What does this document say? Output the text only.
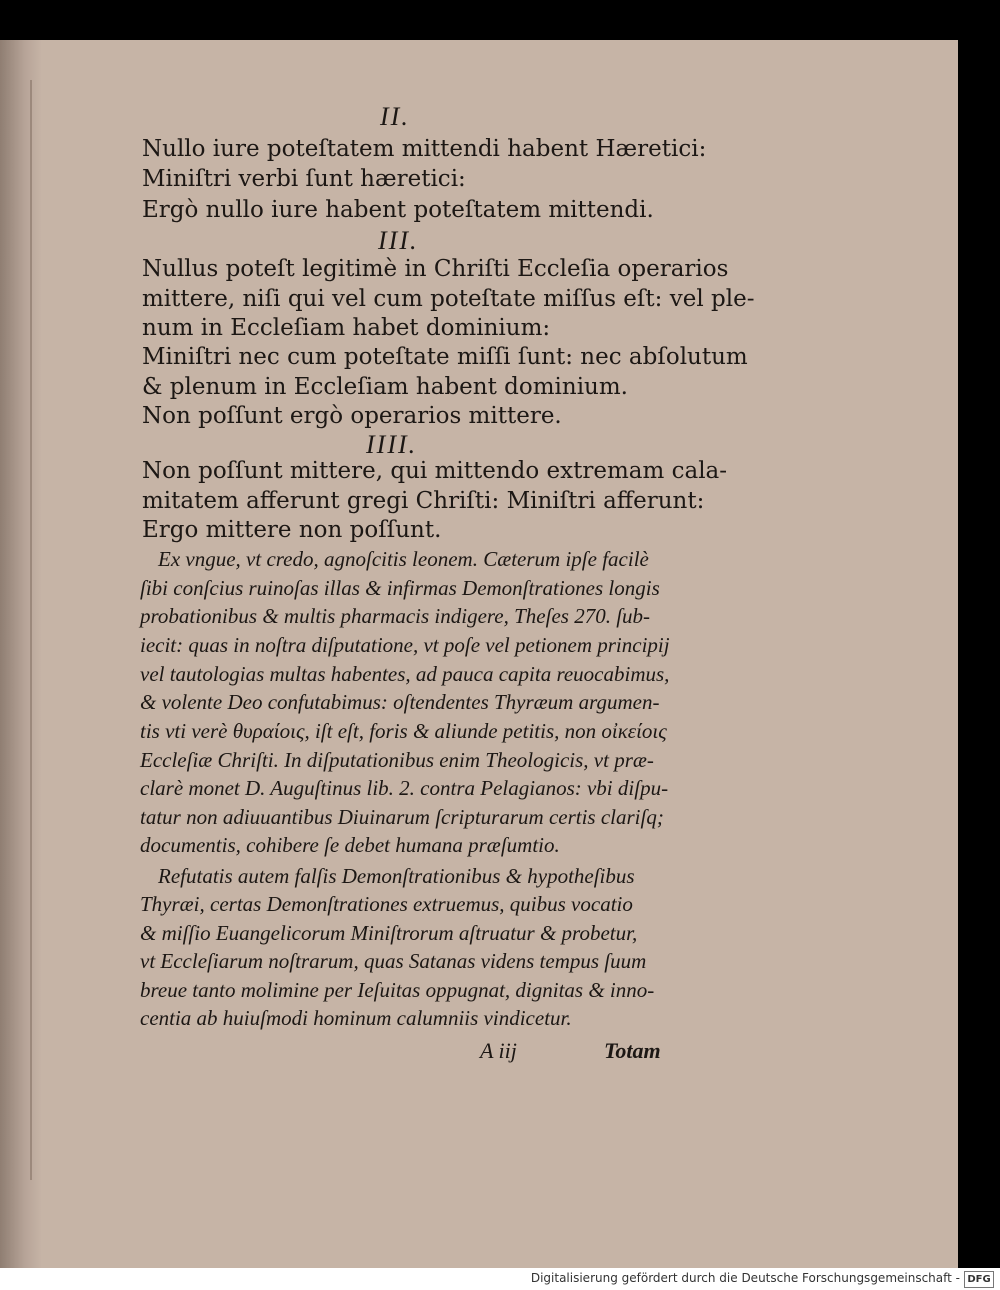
II.
Nullo iure poteſtatem mittendi habent Hæretici:
Miniſtri verbi ſunt hæretici:
Ergò nullo iure habent poteſtatem mittendi.
III.
Nullus poteſt legitimè in Chriſti Eccleſia operarios
mittere, niſi qui vel cum poteſtate miſſus eſt: vel ple-
num in Eccleſiam habet dominium:
Miniſtri nec cum poteſtate miſſi ſunt: nec abſolutum
& plenum in Eccleſiam habent dominium.
Non poſſunt ergò operarios mittere.
IIII.
Non poſſunt mittere, qui mittendo extremam cala-
mitatem afferunt gregi Chriſti: Miniſtri afferunt:
Ergo mittere non poſſunt.
Ex vngue, vt credo, agnoſcitis leonem. Cæterum ipſe facilè
ſibi conſcius ruinoſas illas & infirmas Demonſtrationes longis
probationibus & multis pharmacis indigere, Theſes 270. ſub-
iecit: quas in noſtra diſputatione, vt poſe vel petionem principij
vel tautologias multas habentes, ad pauca capita reuocabimus,
& volente Deo confutabimus: oſtendentes Thyræum argumen-
tis vti verè θυραίοις, iſt eſt, foris & aliunde petitis, non οἰκείοις
Eccleſiæ Chriſti. In diſputationibus enim Theologicis, vt præ-
clarè monet D. Auguſtinus lib. 2. contra Pelagianos: vbi diſpu-
tatur non adiuuantibus Diuinarum ſcripturarum certis clariſq;
documentis, cohibere ſe debet humana præſumtio.
Refutatis autem falſis Demonſtrationibus & hypotheſibus
Thyræi, certas Demonſtrationes extruemus, quibus vocatio
& miſſio Euangelicorum Miniſtrorum aſtruatur & probetur,
vt Eccleſiarum noſtrarum, quas Satanas videns tempus ſuum
breue tanto molimine per Ieſuitas oppugnat, dignitas & inno-
centia ab huiuſmodi hominum calumniis vindicetur.
A iij	Totam
Digitalisierung gefördert durch die Deutsche Forschungsgemeinschaft - DFG
